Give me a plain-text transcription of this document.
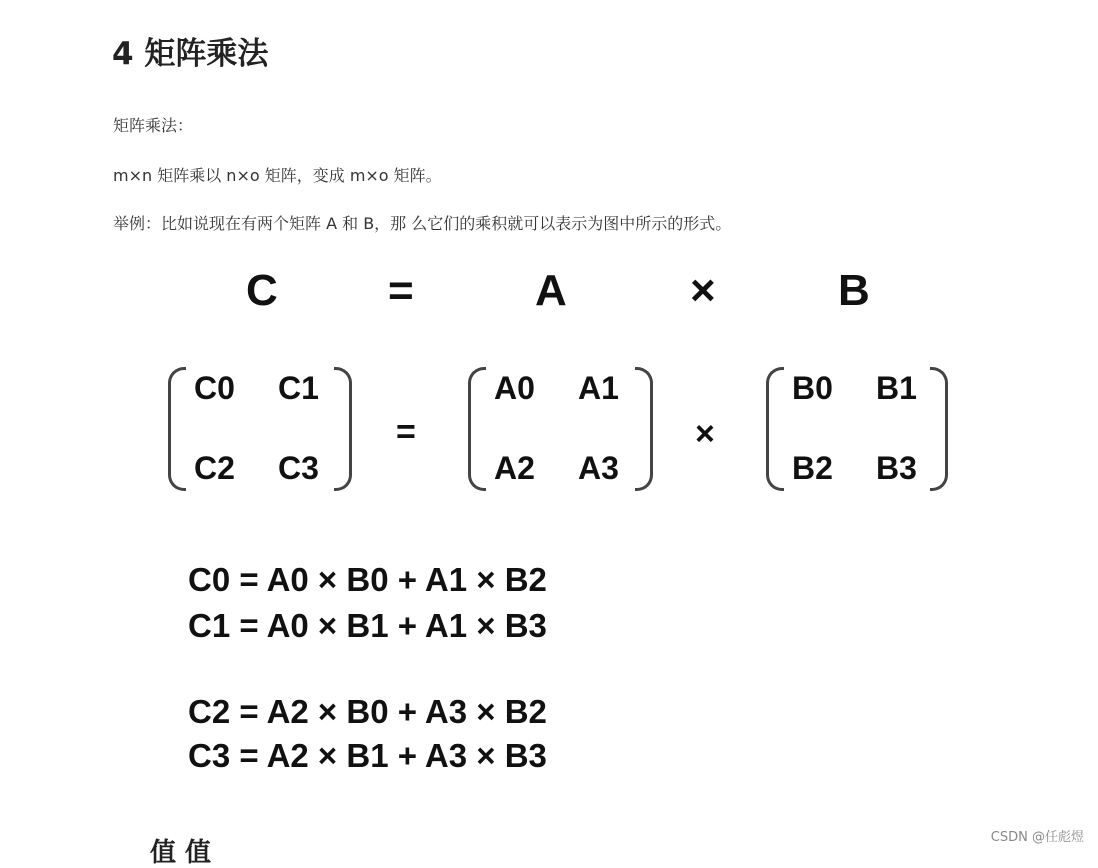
4 矩阵乘法

矩阵乘法：

m×n 矩阵乘以 n×o 矩阵，变成 m×o 矩阵。

举例：比如说现在有两个矩阵 A 和 B，那 么它们的乘积就可以表示为图中所示的形式。

C	=	A	×	B
C0 C1
C2 C3
=
A0 A1
A2 A3
×
B0 B1
B2 B3
C0 = A0 × B0 + A1 × B2
C1 = A0 × B1 + A1 × B3
C2 = A2 × B0 + A3 × B2
C3 = A2 × B1 + A3 × B3
值 值
CSDN @任彪煜
